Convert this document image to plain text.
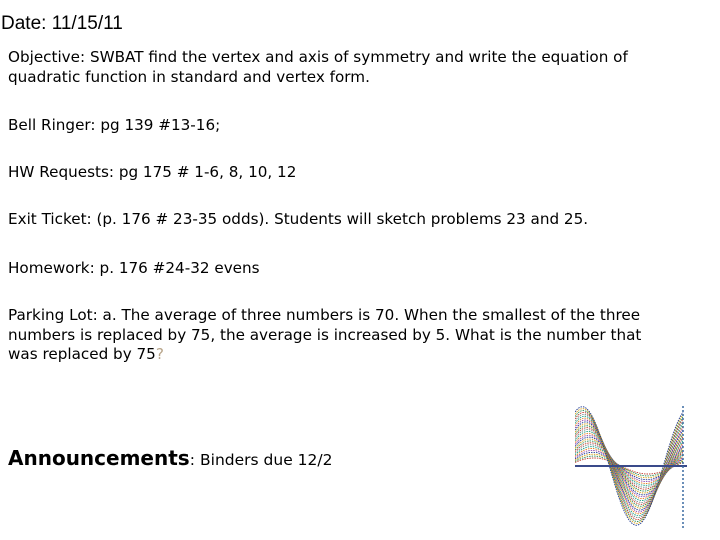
Date: 11/15/11
Objective: SWBAT find the vertex and axis of symmetry and write the equation of
quadratic function in standard and vertex form.
Bell Ringer: pg 139 #13-16;
HW Requests: pg 175 # 1-6, 8, 10, 12
Exit Ticket: (p. 176 # 23-35 odds). Students will sketch problems 23 and 25.
Homework: p. 176 #24-32 evens
Parking Lot: a. The average of three numbers is 70. When the smallest of the three
numbers is replaced by 75, the average is increased by 5. What is the number that
was replaced by 75?
Announcements: Binders due 12/2
